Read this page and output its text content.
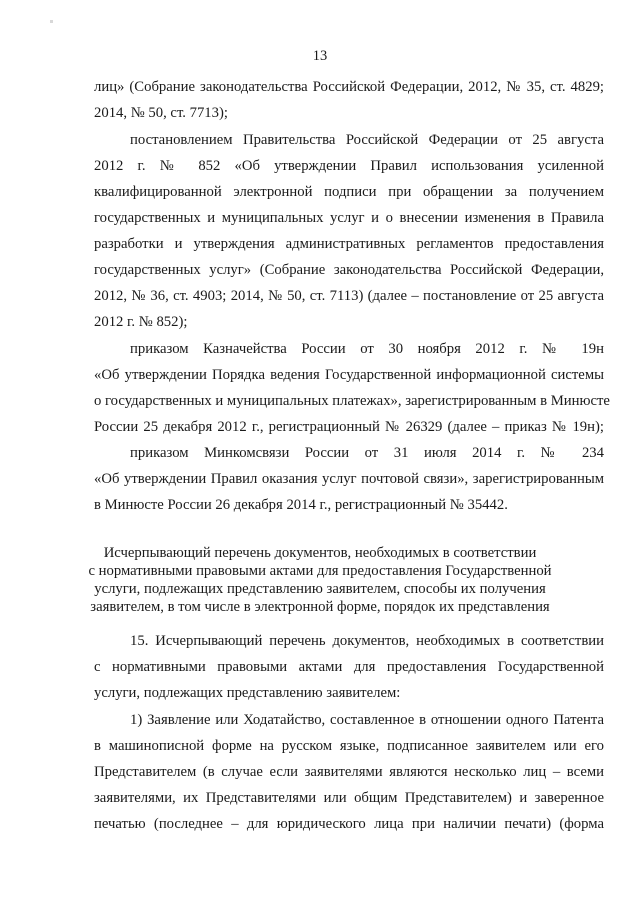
13
лиц» (Собрание законодательства Российской Федерации, 2012, № 35, ст. 4829;
2014, № 50, ст. 7713);
постановлением Правительства Российской Федерации от 25 августа
2012 г. № 852 «Об утверждении Правил использования усиленной
квалифицированной электронной подписи при обращении за получением
государственных и муниципальных услуг и о внесении изменения в Правила
разработки и утверждения административных регламентов предоставления
государственных услуг» (Собрание законодательства Российской Федерации,
2012, № 36, ст. 4903; 2014, № 50, ст. 7113) (далее – постановление от 25 августа
2012 г. № 852);
приказом Казначейства России от 30 ноября 2012 г. № 19н
«Об утверждении Порядка ведения Государственной информационной системы
о государственных и муниципальных платежах», зарегистрированным в Минюсте
России 25 декабря 2012 г., регистрационный № 26329 (далее – приказ № 19н);
приказом Минкомсвязи России от 31 июля 2014 г. № 234
«Об утверждении Правил оказания услуг почтовой связи», зарегистрированным
в Минюсте России 26 декабря 2014 г., регистрационный № 35442.
Исчерпывающий перечень документов, необходимых в соответствии
с нормативными правовыми актами для предоставления Государственной
услуги, подлежащих представлению заявителем, способы их получения
заявителем, в том числе в электронной форме, порядок их представления
15. Исчерпывающий перечень документов, необходимых в соответствии
с нормативными правовыми актами для предоставления Государственной
услуги, подлежащих представлению заявителем:
1) Заявление или Ходатайство, составленное в отношении одного Патента
в машинописной форме на русском языке, подписанное заявителем или его
Представителем (в случае если заявителями являются несколько лиц – всеми
заявителями, их Представителями или общим Представителем) и заверенное
печатью (последнее – для юридического лица при наличии печати) (форма
